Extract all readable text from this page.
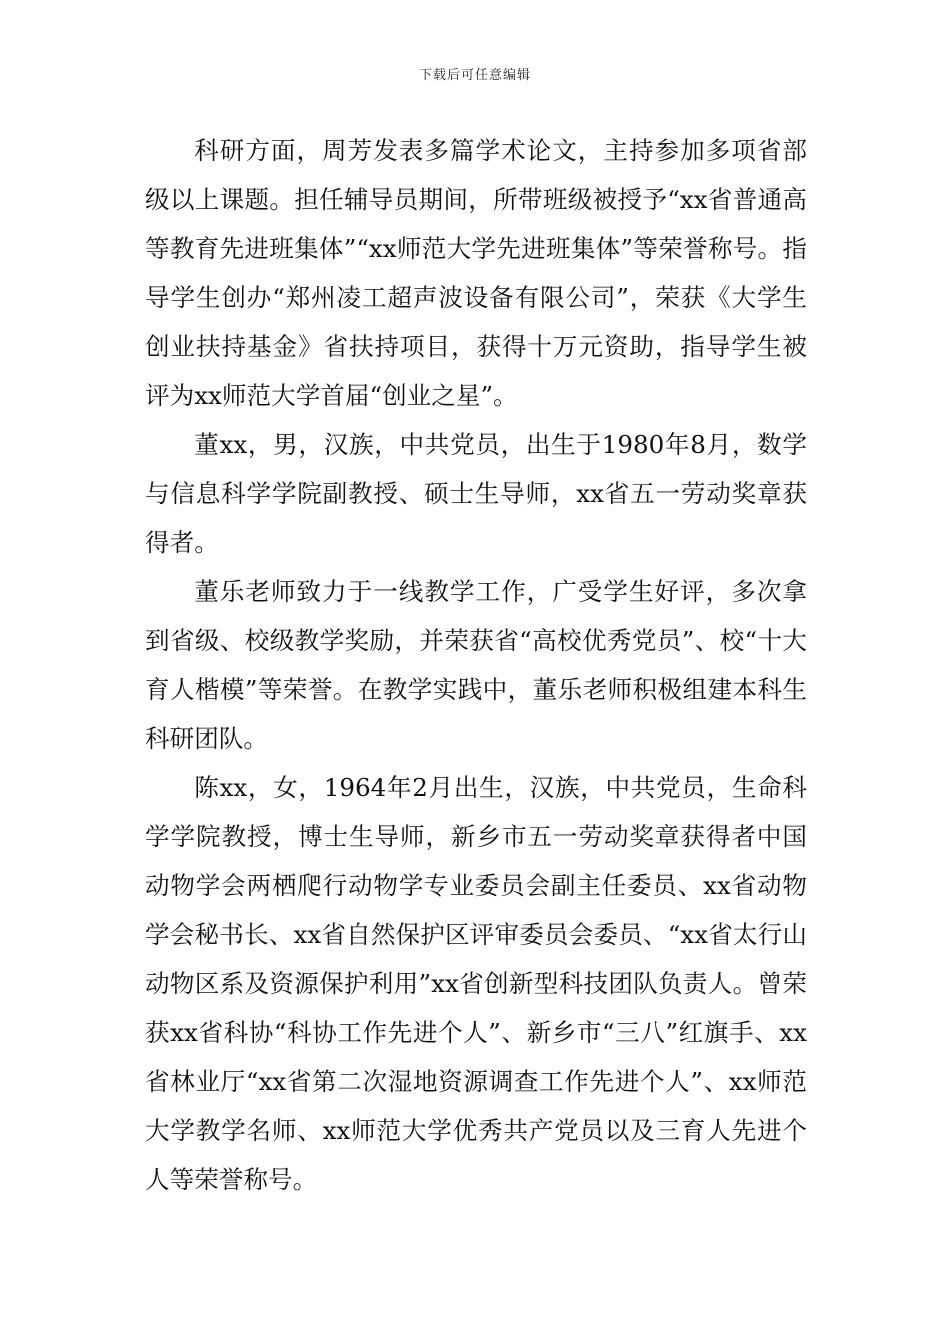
下载后可任意编辑

科研方面，周芳发表多篇学术论文，主持参加多项省部级以上课题。担任辅导员期间，所带班级被授予“xx省普通高等教育先进班集体”“xx师范大学先进班集体”等荣誉称号。指导学生创办“郑州凌工超声波设备有限公司”，荣获《大学生创业扶持基金》省扶持项目，获得十万元资助，指导学生被评为xx师范大学首届“创业之星”。

董xx，男，汉族，中共党员，出生于1980年8月，数学与信息科学学院副教授、硕士生导师，xx省五一劳动奖章获得者。

董乐老师致力于一线教学工作，广受学生好评，多次拿到省级、校级教学奖励，并荣获省“高校优秀党员”、校“十大育人楷模”等荣誉。在教学实践中，董乐老师积极组建本科生科研团队。

陈xx，女，1964年2月出生，汉族，中共党员，生命科学学院教授，博士生导师，新乡市五一劳动奖章获得者中国动物学会两栖爬行动物学专业委员会副主任委员、xx省动物学会秘书长、xx省自然保护区评审委员会委员、“xx省太行山动物区系及资源保护利用”xx省创新型科技团队负责人。曾荣获xx省科协“科协工作先进个人”、新乡市“三八”红旗手、xx省林业厅“xx省第二次湿地资源调查工作先进个人”、xx师范大学教学名师、xx师范大学优秀共产党员以及三育人先进个人等荣誉称号。
